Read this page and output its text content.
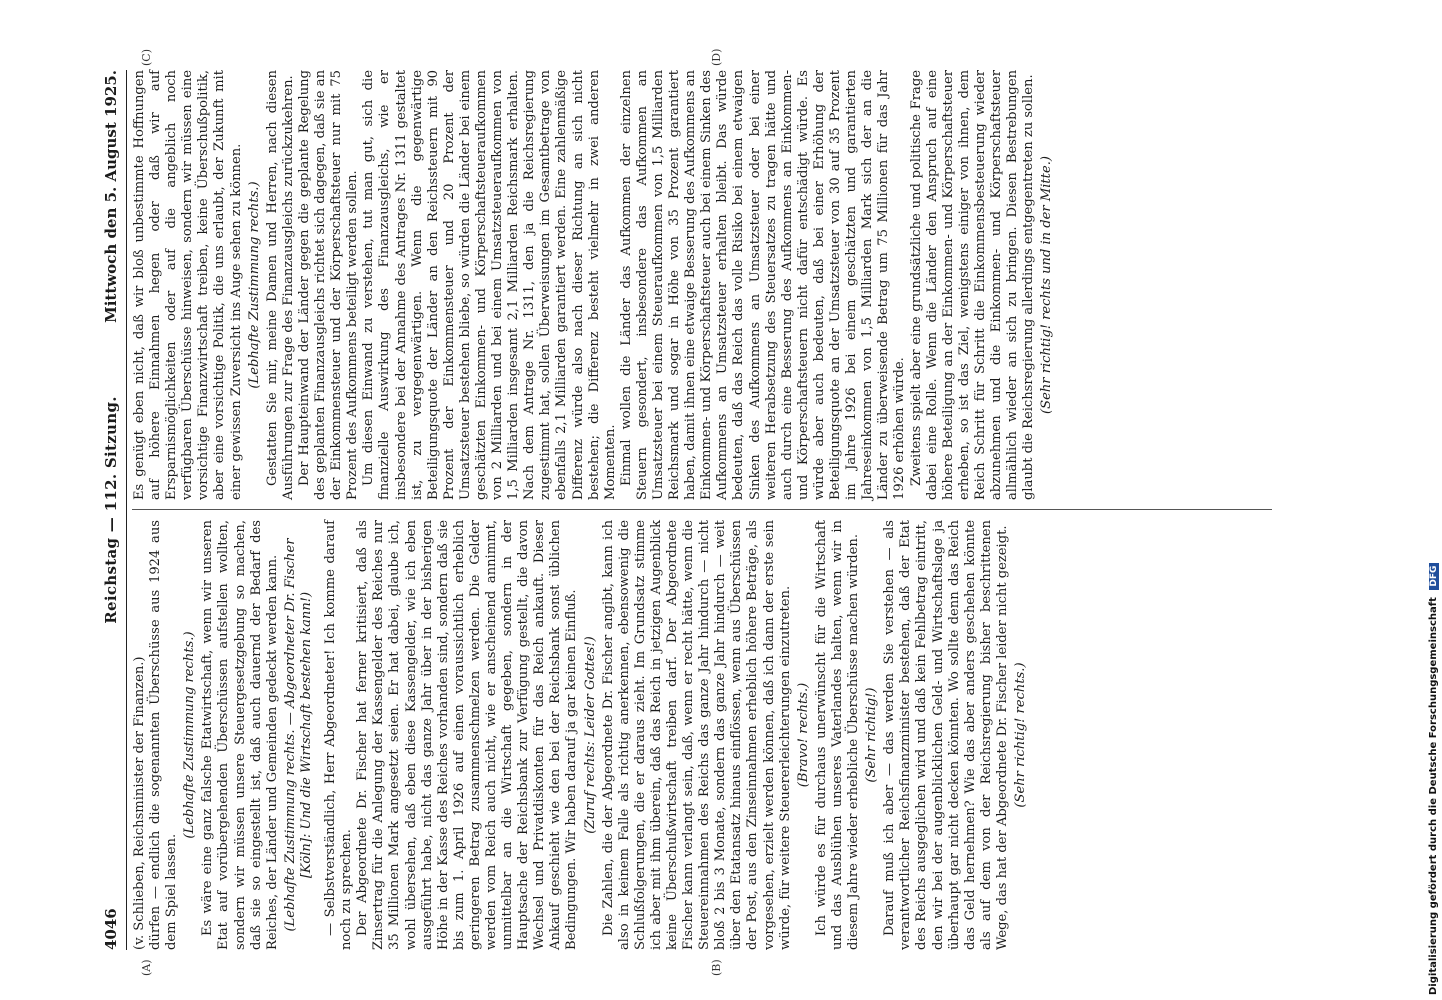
4046
Reichstag — 112. Sitzung.
Mittwoch den 5. August 1925.

(v. Schlieben, Reichsminister der Finanzen.) dürfen — endlich die sogenannten Überschüsse aus 1924 aus dem Spiel lassen.

(Lebhafte Zustimmung rechts.) Es wäre eine ganz falsche Etatwirtschaft, wenn wir unseren Etat auf vorübergehenden Überschüssen aufstellen wollten, sondern wir müssen unsere Steuergesetzgebung so machen, daß sie so eingestellt ist, daß auch dauernd der Bedarf des Reiches, der Länder und Gemeinden gedeckt werden kann. (Lebhafte Zustimmung rechts. — Abgeordneter Dr. Fischer [Köln]: Und die Wirtschaft bestehen kann!) — Selbstverständlich, Herr Abgeordneter! Ich komme darauf noch zu sprechen. Der Abgeordnete Dr. Fischer hat ferner kritisiert, daß als Zinsertrag für die Anlegung der Kassengelder des Reiches nur 35 Millionen Mark angesetzt seien. Er hat dabei, glaube ich, wohl übersehen, daß eben diese Kassengelder, wie ich eben ausgeführt habe, nicht das ganze Jahr über in der bisherigen Höhe in der Kasse des Reiches vorhanden sind, sondern daß sie bis zum 1. April 1926 auf einen voraussichtlich erheblich geringeren Betrag zusammenschmelzen werden. Die Gelder werden vom Reich auch nicht, wie er anscheinend annimmt, unmittelbar an die Wirtschaft gegeben, sondern in der Hauptsache der Reichsbank zur Verfügung gestellt, die davon Wechsel und Privatdiskonten für das Reich ankauft. Dieser Ankauf geschieht wie den bei der Reichsbank sonst üblichen Bedingungen. Wir haben darauf ja gar keinen Einfluß. (Zuruf rechts: Leider Gottes!) Die Zahlen, die der Abgeordnete Dr. Fischer angibt, kann ich also in keinem Falle als richtig anerkennen, ebensowenig die Schlußfolgerungen, die er daraus zieht. Im Grundsatz stimme ich aber mit ihm überein, daß das Reich in jetzigen Augenblick keine Überschußwirtschaft treiben darf. Der Abgeordnete Fischer kann verlangt sein, daß, wenn er recht hätte, wenn die Steuereinnahmen des Reichs das ganze Jahr hindurch — nicht bloß 2 bis 3 Monate, sondern das ganze Jahr hindurch — weit über den Etatansatz hinaus einflössen, wenn aus Überschüssen der Post, aus den Zinseinnahmen erheblich höhere Beträge, als vorgesehen, erzielt werden können, daß ich dann der erste sein würde, für weitere Steuererleichterungen einzutreten. (Bravo! rechts.) Ich würde es für durchaus unerwünscht für die Wirtschaft und das Ausblühen unseres Vaterlandes halten, wenn wir in diesem Jahre wieder erhebliche Überschüsse machen würden. (Sehr richtig!) Darauf muß ich aber — das werden Sie verstehen — als verantwortlicher Reichsfinanzminister bestehen, daß der Etat des Reichs ausgeglichen wird und daß kein Fehlbetrag eintritt, den wir bei der augenblicklichen Geld- und Wirtschaftslage ja überhaupt gar nicht decken könnten. Wo sollte denn das Reich das Geld hernehmen? Wie das aber anders geschehen könnte als auf dem von der Reichsregierung bisher beschrittenen Wege, das hat der Abgeordnete Dr. Fischer leider nicht gezeigt. (Sehr richtig! rechts.)

Es genügt eben nicht, daß wir bloß unbestimmte Hoffnungen auf höhere Einnahmen hegen oder daß wir auf Ersparnismöglichkeiten oder auf die angeblich noch verfügbaren Überschüsse hinweisen, sondern wir müssen eine vorsichtige Finanzwirtschaft treiben, keine Überschußpolitik, aber eine vorsichtige Politik, die uns erlaubt, der Zukunft mit einer gewissen Zuversicht ins Auge sehen zu können. (Lebhafte Zustimmung rechts.) Gestatten Sie mir, meine Damen und Herren, nach diesen Ausführungen zur Frage des Finanzausgleichs zurückzukehren. Der Haupteinwand der Länder gegen die geplante Regelung des geplanten Finanzausgleichs richtet sich dagegen, daß sie an der Einkommensteuer und der Körperschaftsteuer nur mit 75 Prozent des Aufkommens beteiligt werden sollen. Um diesen Einwand zu verstehen, tut man gut, sich die finanzielle Auswirkung des Finanzausgleichs, wie er insbesondere bei der Annahme des Antrages Nr. 1311 gestaltet ist, zu vergegenwärtigen. Wenn die gegenwärtige Beteiligungsquote der Länder an den Reichssteuern mit 90 Prozent der Einkommensteuer und 20 Prozent der Umsatzsteuer bestehen bliebe, so würden die Länder bei einem geschätzten Einkommen- und Körperschaftsteueraufkommen von 2 Milliarden und bei einem Umsatzsteueraufkommen von 1,5 Milliarden insgesamt 2,1 Milliarden Reichsmark erhalten. Nach dem Antrage Nr. 1311, den ja die Reichsregierung zugestimmt hat, sollen Überweisungen im Gesamtbetrage von ebenfalls 2,1 Milliarden garantiert werden. Eine zahlenmäßige Differenz würde also nach dieser Richtung an sich nicht bestehen; die Differenz besteht vielmehr in zwei anderen Momenten. Einmal wollen die Länder das Aufkommen der einzelnen Steuern gesondert, insbesondere das Aufkommen an Umsatzsteuer bei einem Steueraufkommen von 1,5 Milliarden Reichsmark und sogar in Höhe von 35 Prozent garantiert haben, damit ihnen eine etwaige Besserung des Aufkommens an Einkommen- und Körperschaftsteuer auch bei einem Sinken des Aufkommens an Umsatzsteuer erhalten bleibt. Das würde bedeuten, daß das Reich das volle Risiko bei einem etwaigen Sinken des Aufkommens an Umsatzsteuer oder bei einer weiteren Herabsetzung des Steuersatzes zu tragen hätte und auch durch eine Besserung des Aufkommens an Einkommen- und Körperschaftsteuern nicht dafür entschädigt würde. Es würde aber auch bedeuten, daß bei einer Erhöhung der Beteiligungsquote an der Umsatzsteuer von 30 auf 35 Prozent im Jahre 1926 bei einem geschätzten und garantierten Jahreseinkommen von 1,5 Milliarden Mark sich der an die Länder zu überweisende Betrag um 75 Millionen für das Jahr 1926 erhöhen würde. Zweitens spielt aber eine grundsätzliche und politische Frage dabei eine Rolle. Wenn die Länder den Anspruch auf eine höhere Beteiligung an der Einkommen- und Körperschaftsteuer erheben, so ist das Ziel, wenigstens einiger von ihnen, dem Reich Schritt für Schritt die Einkommensbesteuerung wieder abzunehmen und die Einkommen- und Körperschaftsteuer allmählich wieder an sich zu bringen. Diesen Bestrebungen glaubt die Reichsregierung allerdings entgegentreten zu sollen. (Sehr richtig! rechts und in der Mitte.)

(A)	(B)
(C)	(D)
Digitalisierung gefördert durch die Deutsche Forschungsgemeinschaft DFG
